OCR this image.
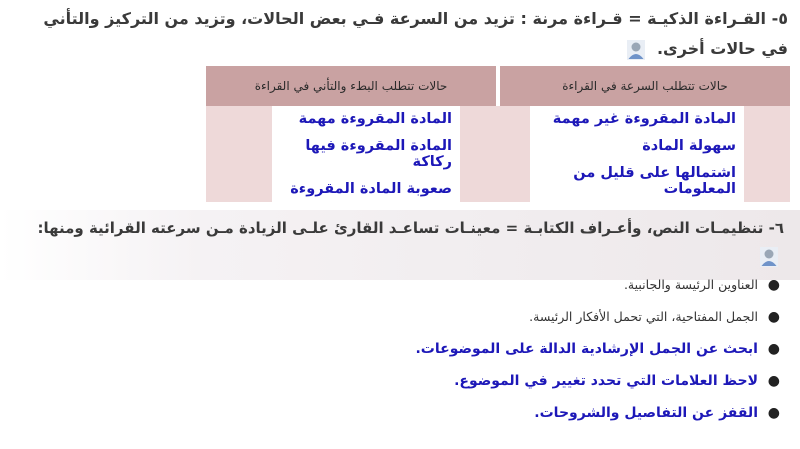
٥- القـراءة الذكيـة = قـراءة مرنة : تزيد من السرعة فـي بعض الحالات، وتزيد من التركيز والتأني في حالات أخرى.
حالات تتطلب السرعة في القراءة
حالات تتطلب البطء والتأني في القراءة
المادة المقروءة غير مهمة
سهولة المادة
اشتمالها على قليل من المعلومات
المادة المقروءة مهمة
المادة المقروءة فيها ركاكة
صعوبة المادة المقروءة
٦- تنظيمـات النص، وأعـراف الكتابـة = معينـات تساعـد القارئ علـى الزيادة مـن سرعته القرائية ومنها:
●العناوين الرئيسة والجانبية.
●الجمل المفتاحية، التي تحمل الأفكار الرئيسة.
●ابحث عن الجمل الإرشادية الدالة على الموضوعات.
●لاحظ العلامات التي تحدد تغيير في الموضوع.
●القفز عن التفاصيل والشروحات.
